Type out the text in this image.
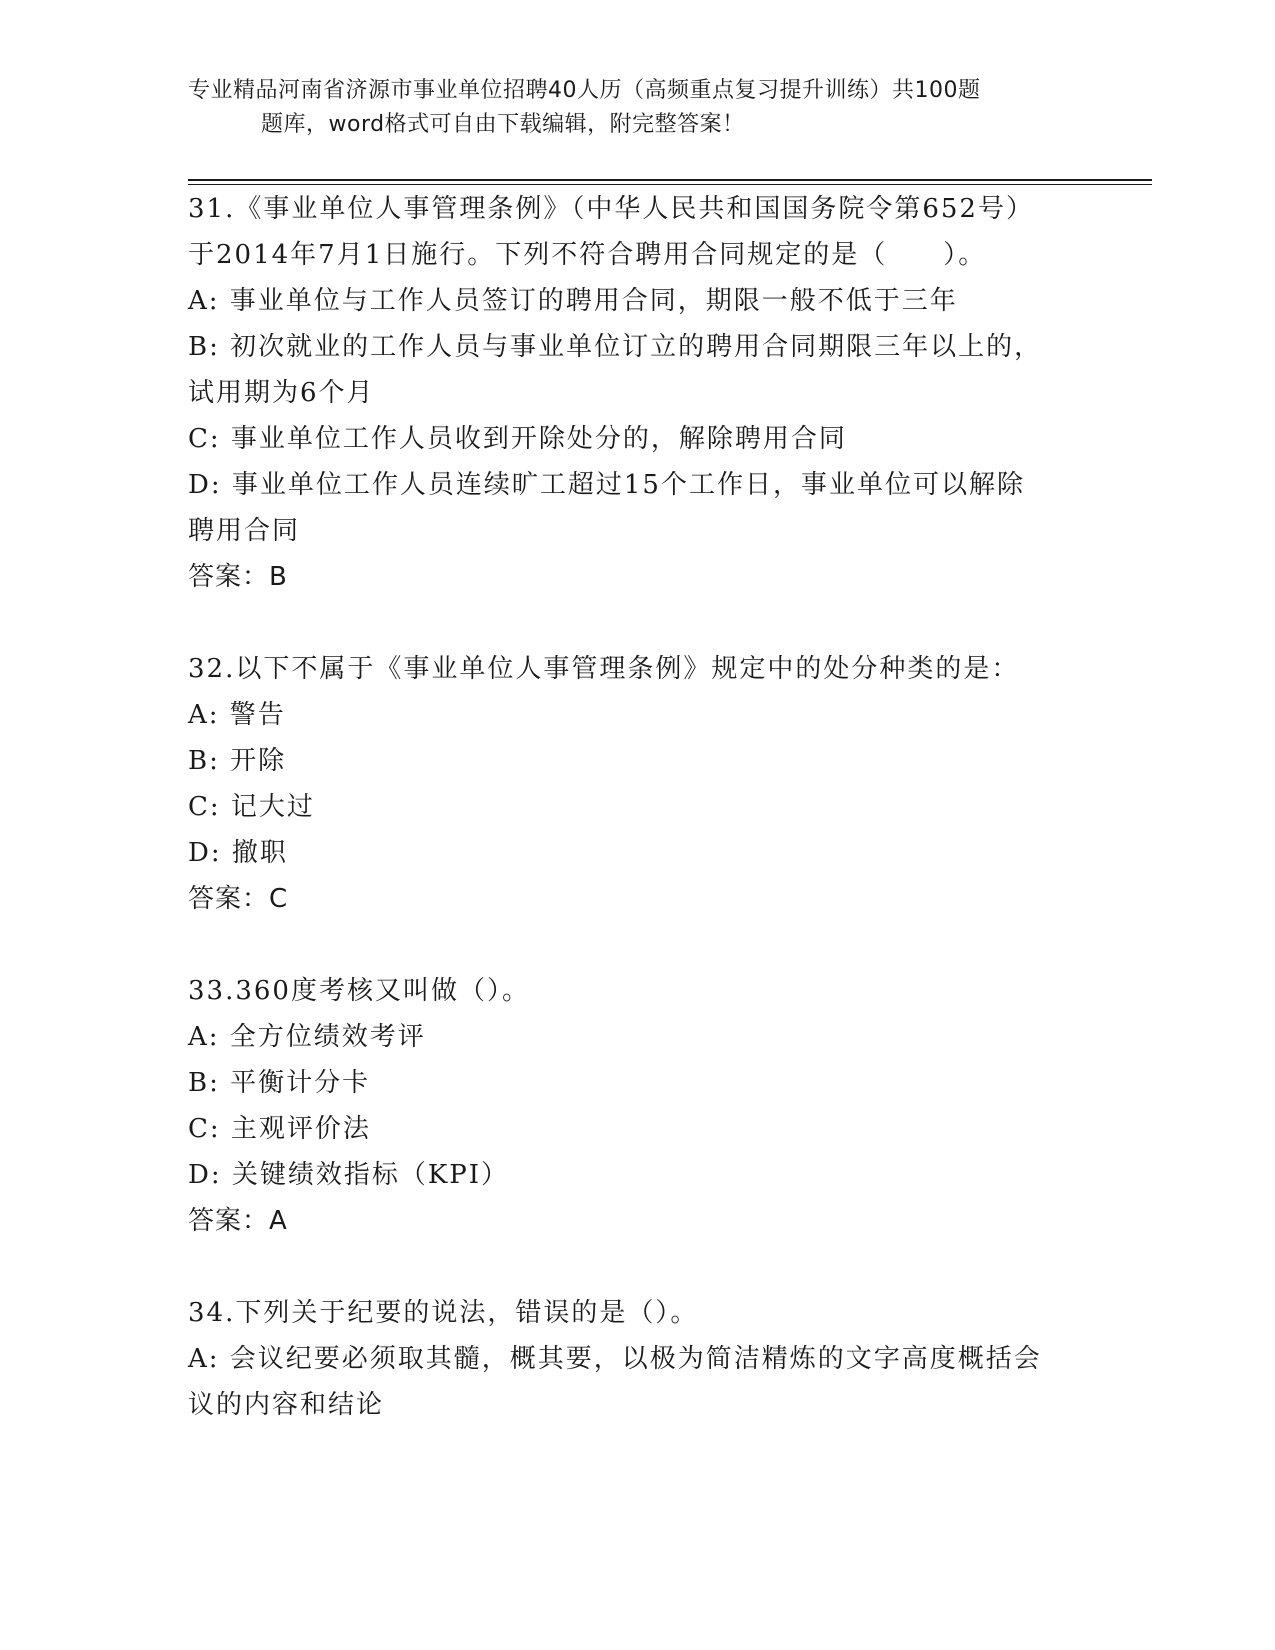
专业精品河南省济源市事业单位招聘40人历（高频重点复习提升训练）共100题
题库，word格式可自由下载编辑，附完整答案！
31.《事业单位人事管理条例》（中华人民共和国国务院令第652号）
于2014年7月1日施行。下列不符合聘用合同规定的是（　　）。
A: 事业单位与工作人员签订的聘用合同，期限一般不低于三年
B: 初次就业的工作人员与事业单位订立的聘用合同期限三年以上的，
试用期为6个月
C: 事业单位工作人员收到开除处分的，解除聘用合同
D: 事业单位工作人员连续旷工超过15个工作日，事业单位可以解除
聘用合同
答案：B
32.以下不属于《事业单位人事管理条例》规定中的处分种类的是：
A: 警告
B: 开除
C: 记大过
D: 撤职
答案：C
33.360度考核又叫做（）。
A: 全方位绩效考评
B: 平衡计分卡
C: 主观评价法
D: 关键绩效指标（KPI）
答案：A
34.下列关于纪要的说法，错误的是（）。
A: 会议纪要必须取其髓，概其要，以极为简洁精炼的文字高度概括会
议的内容和结论
